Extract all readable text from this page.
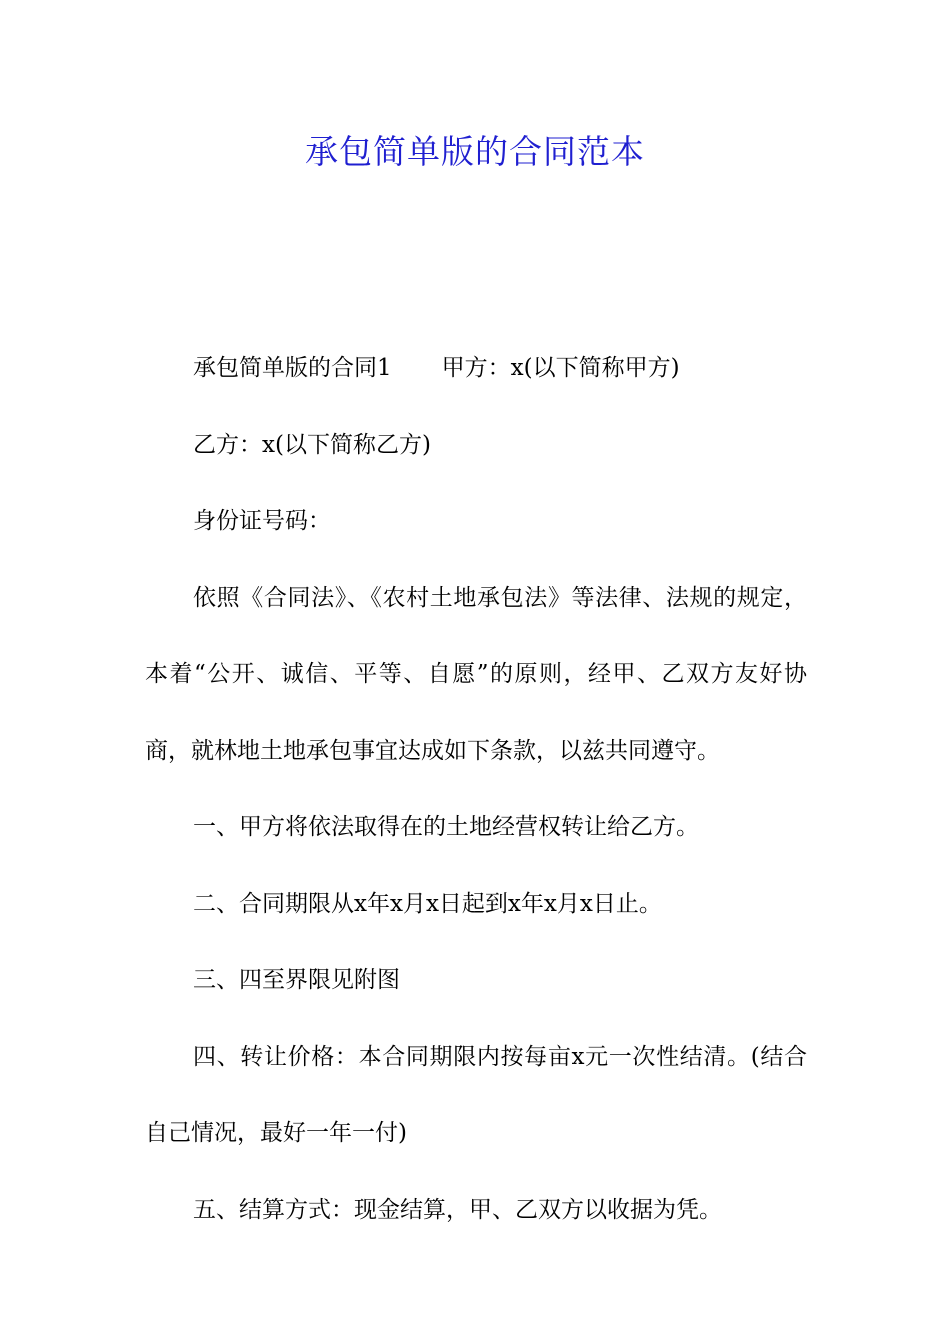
承包简单版的合同范本

承包简单版的合同1 甲方：x(以下简称甲方)

乙方：x(以下简称乙方)

身份证号码：

依照《合同法》、《农村土地承包法》等法律、法规的规定，本着“公开、诚信、平等、自愿”的原则，经甲、乙双方友好协商，就林地土地承包事宜达成如下条款，以兹共同遵守。

一、甲方将依法取得在的土地经营权转让给乙方。

二、合同期限从x年x月x日起到x年x月x日止。

三、四至界限见附图

四、转让价格：本合同期限内按每亩x元一次性结清。(结合自己情况，最好一年一付)

五、结算方式：现金结算，甲、乙双方以收据为凭。
